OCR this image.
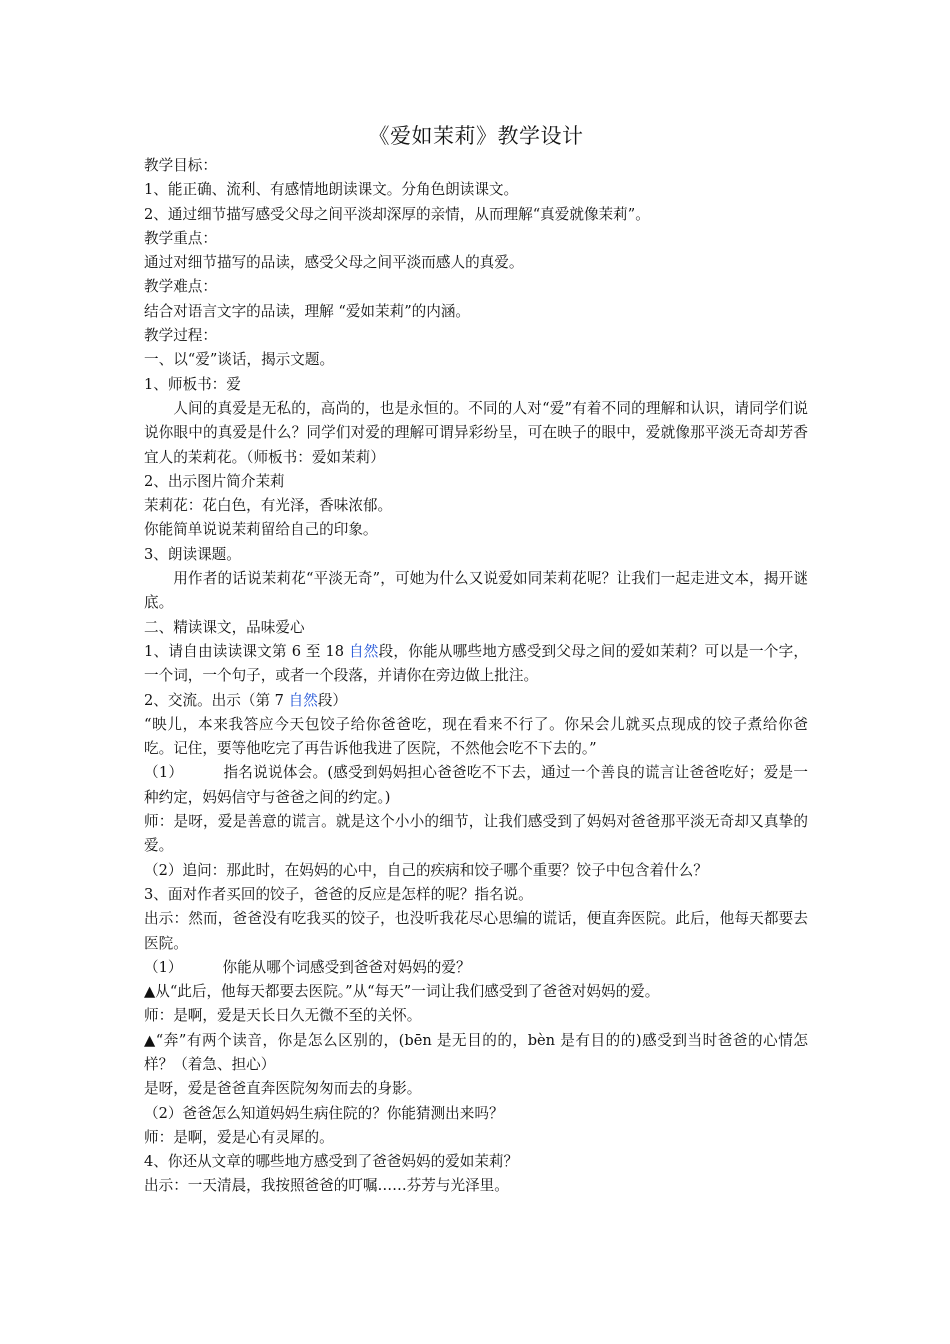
《爱如茉莉》教学设计

教学目标：

1、能正确、流利、有感情地朗读课文。分角色朗读课文。

2、通过细节描写感受父母之间平淡却深厚的亲情，从而理解“真爱就像茉莉”。

教学重点：

通过对细节描写的品读，感受父母之间平淡而感人的真爱。

教学难点：

结合对语言文字的品读，理解 “爱如茉莉”的内涵。

教学过程：

一、以“爱”谈话，揭示文题。

1、师板书：爱

人间的真爱是无私的，高尚的，也是永恒的。不同的人对“爱”有着不同的理解和认识，请同学们说说你眼中的真爱是什么？同学们对爱的理解可谓异彩纷呈，可在映子的眼中，爱就像那平淡无奇却芳香宜人的茉莉花。（师板书：爱如茉莉）

2、出示图片简介茉莉

茉莉花：花白色，有光泽，香味浓郁。

你能简单说说茉莉留给自己的印象。

3、朗读课题。

用作者的话说茉莉花“平淡无奇”，可她为什么又说爱如同茉莉花呢？让我们一起走进文本，揭开谜底。

二、精读课文，品味爱心

1、请自由读读课文第 6 至 18 自然段，你能从哪些地方感受到父母之间的爱如茉莉？可以是一个字，一个词，一个句子，或者一个段落，并请你在旁边做上批注。

2、交流。出示（第 7 自然段）

“映儿，本来我答应今天包饺子给你爸爸吃，现在看来不行了。你呆会儿就买点现成的饺子煮给你爸吃。记住，要等他吃完了再告诉他我进了医院，不然他会吃不下去的。”

（1）	指名说说体会。(感受到妈妈担心爸爸吃不下去，通过一个善良的谎言让爸爸吃好；爱是一种约定，妈妈信守与爸爸之间的约定。)

师：是呀，爱是善意的谎言。就是这个小小的细节，让我们感受到了妈妈对爸爸那平淡无奇却又真挚的爱。

（2）追问：那此时，在妈妈的心中，自己的疾病和饺子哪个重要？饺子中包含着什么？

3、面对作者买回的饺子，爸爸的反应是怎样的呢？指名说。

出示：然而，爸爸没有吃我买的饺子，也没听我花尽心思编的谎话，便直奔医院。此后，他每天都要去医院。

（1）	你能从哪个词感受到爸爸对妈妈的爱？

▲从“此后，他每天都要去医院。”从“每天”一词让我们感受到了爸爸对妈妈的爱。

师：是啊，爱是天长日久无微不至的关怀。

▲“奔”有两个读音，你是怎么区别的，(bēn 是无目的的，bèn 是有目的的)感受到当时爸爸的心情怎样？（着急、担心）

是呀，爱是爸爸直奔医院匆匆而去的身影。

（2）爸爸怎么知道妈妈生病住院的？你能猜测出来吗？

师：是啊，爱是心有灵犀的。

4、你还从文章的哪些地方感受到了爸爸妈妈的爱如茉莉？

出示：一天清晨，我按照爸爸的叮嘱……芬芳与光泽里。
